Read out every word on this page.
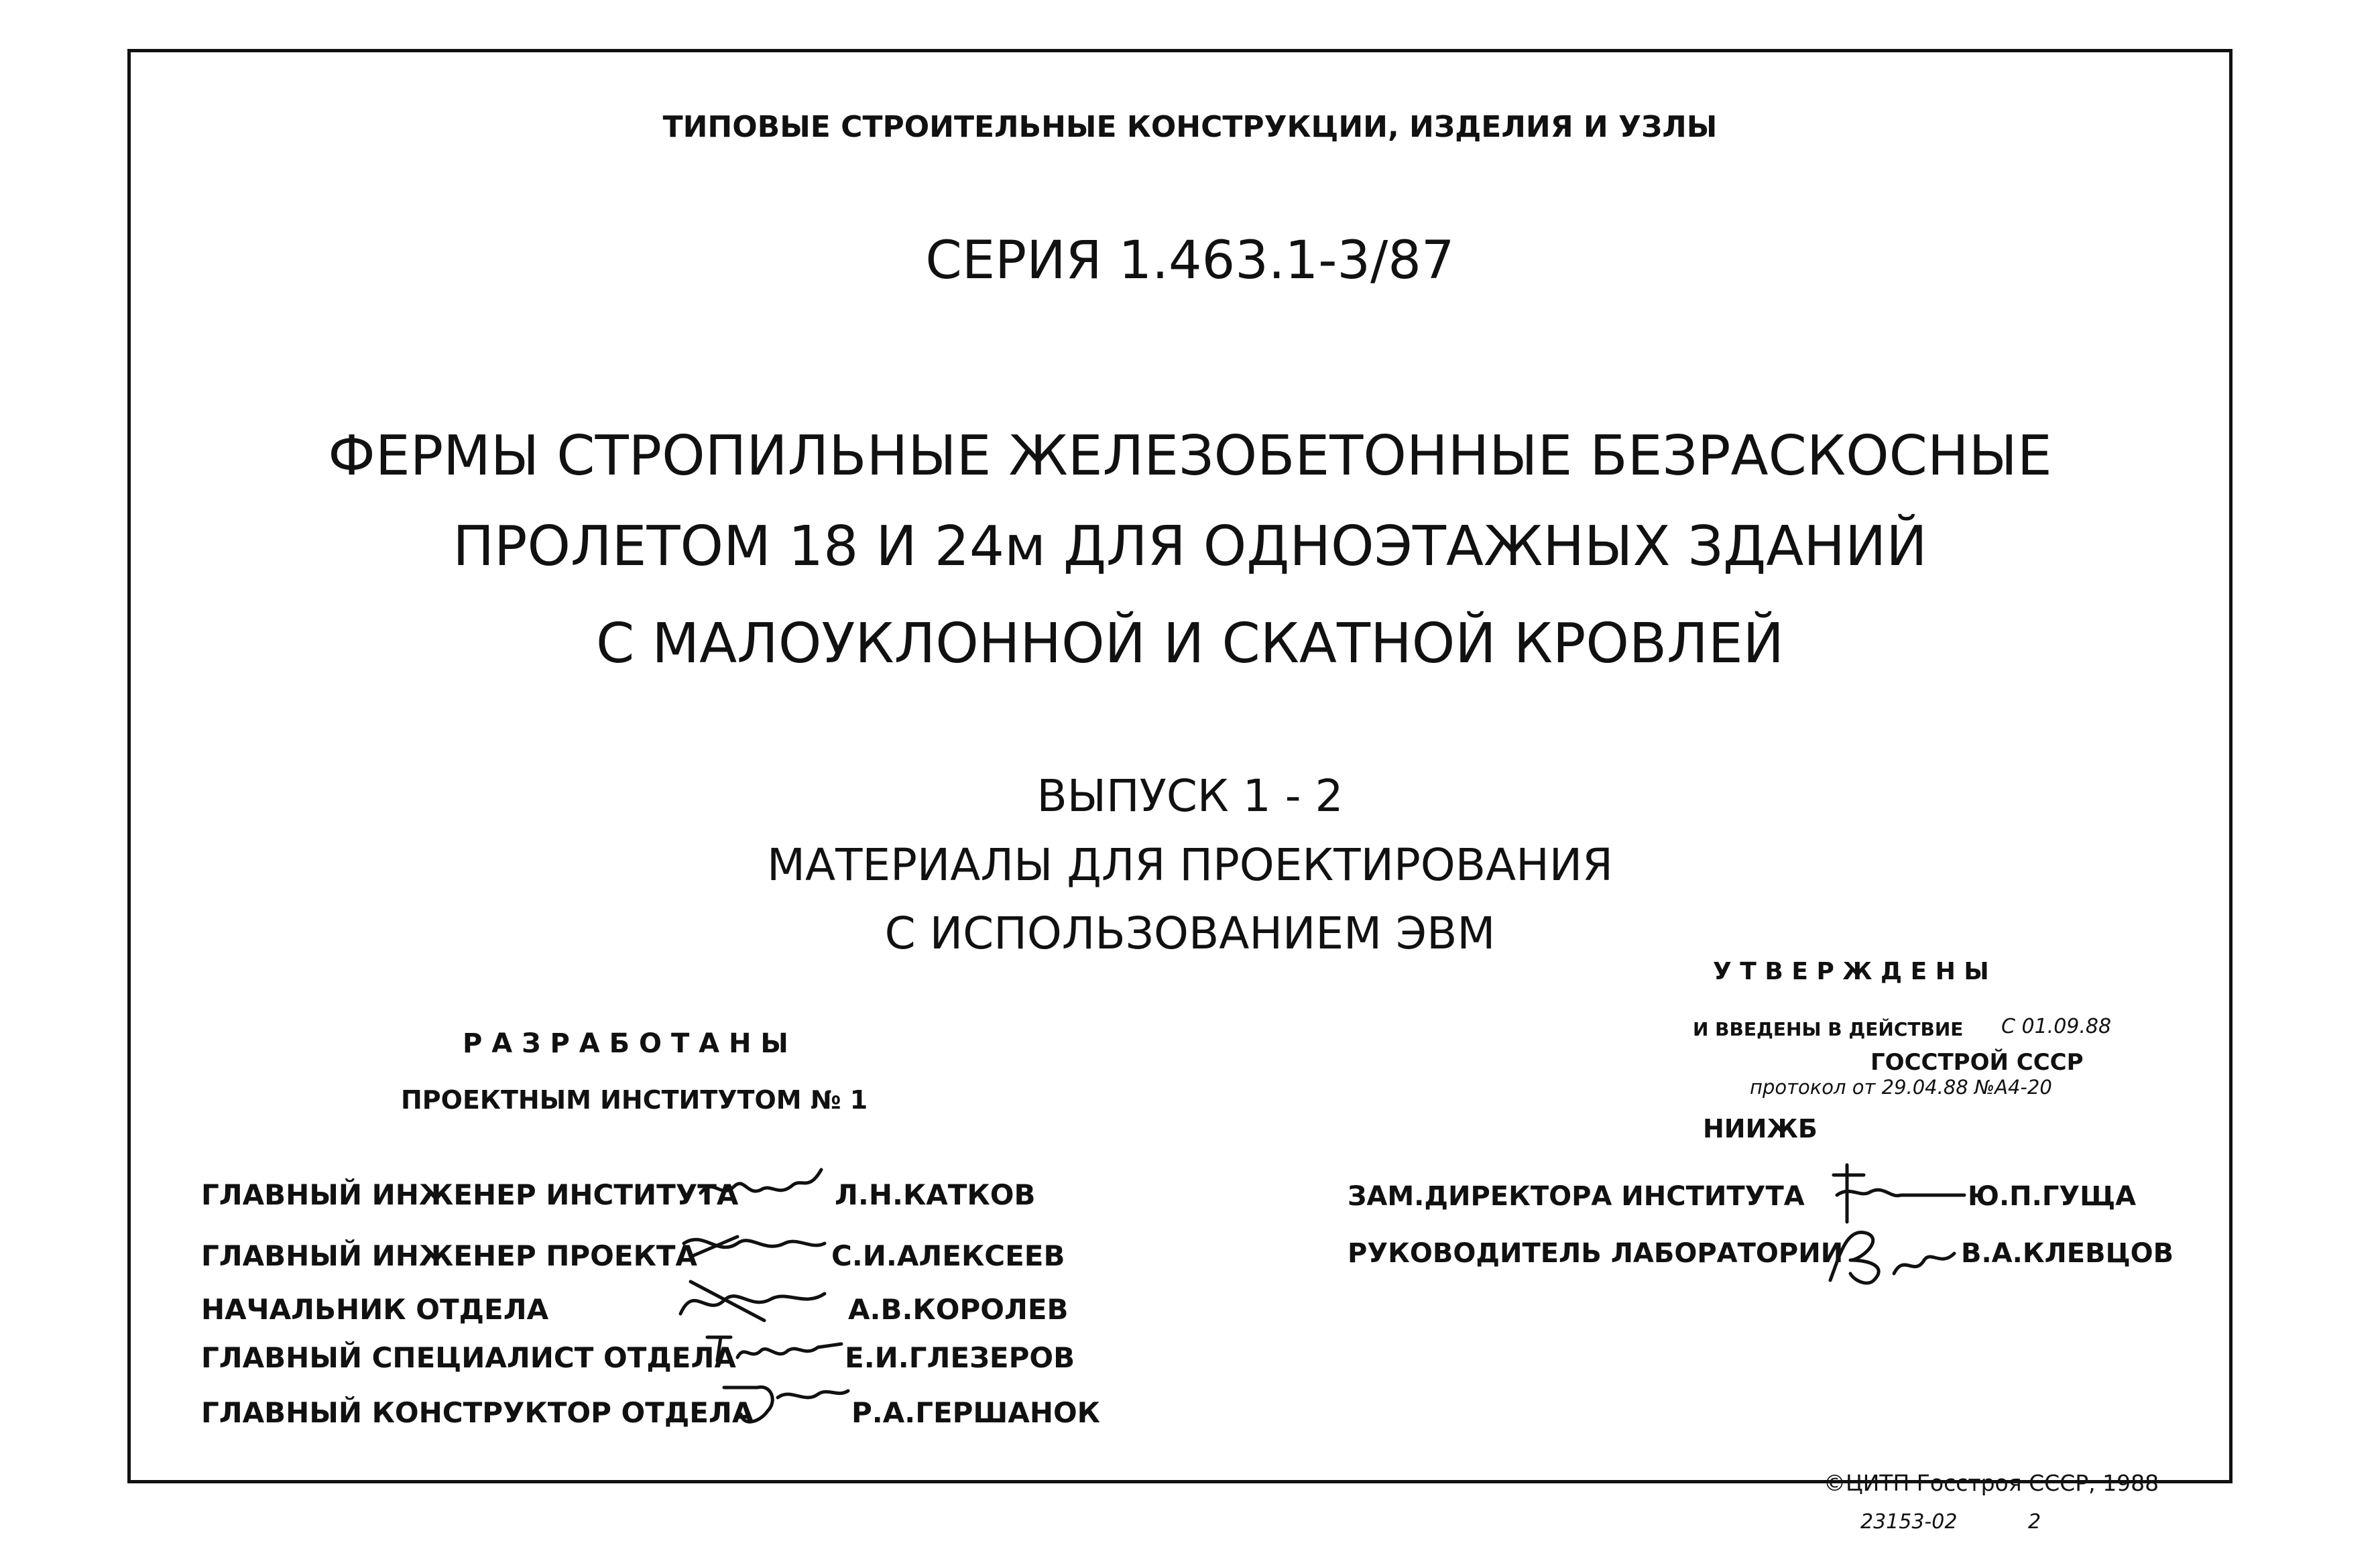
ТИПОВЫЕ СТРОИТЕЛЬНЫЕ КОНСТРУКЦИИ, ИЗДЕЛИЯ И УЗЛЫ
СЕРИЯ 1.463.1-3/87
ФЕРМЫ СТРОПИЛЬНЫЕ ЖЕЛЕЗОБЕТОННЫЕ БЕЗРАСКОСНЫЕ
ПРОЛЕТОМ 18 И 24м ДЛЯ ОДНОЭТАЖНЫХ ЗДАНИЙ
С МАЛОУКЛОННОЙ И СКАТНОЙ КРОВЛЕЙ
ВЫПУСК 1 - 2
МАТЕРИАЛЫ ДЛЯ ПРОЕКТИРОВАНИЯ
С ИСПОЛЬЗОВАНИЕМ ЭВМ
Р А З Р А Б О Т А Н Ы
ПРОЕКТНЫМ ИНСТИТУТОМ № 1
ГЛАВНЫЙ ИНЖЕНЕР ИНСТИТУТА	Л.Н.КАТКОВ
ГЛАВНЫЙ ИНЖЕНЕР ПРОЕКТА	С.И.АЛЕКСЕЕВ
НАЧАЛЬНИК ОТДЕЛА	А.В.КОРОЛЕВ
ГЛАВНЫЙ СПЕЦИАЛИСТ ОТДЕЛА	Е.И.ГЛЕЗЕРОВ
ГЛАВНЫЙ КОНСТРУКТОР ОТДЕЛА	Р.А.ГЕРШАНОК
У Т В Е Р Ж Д Е Н Ы
И ВВЕДЕНЫ В ДЕЙСТВИЕ С 01.09.88
ГОССТРОЙ СССР
протокол от 29.04.88 №А4-20
НИИЖБ
ЗАМ.ДИРЕКТОРА ИНСТИТУТА	Ю.П.ГУЩА
РУКОВОДИТЕЛЬ ЛАБОРАТОРИИ	В.А.КЛЕВЦОВ
©ЦИТП Госстроя СССР, 1988
23153-02	2
